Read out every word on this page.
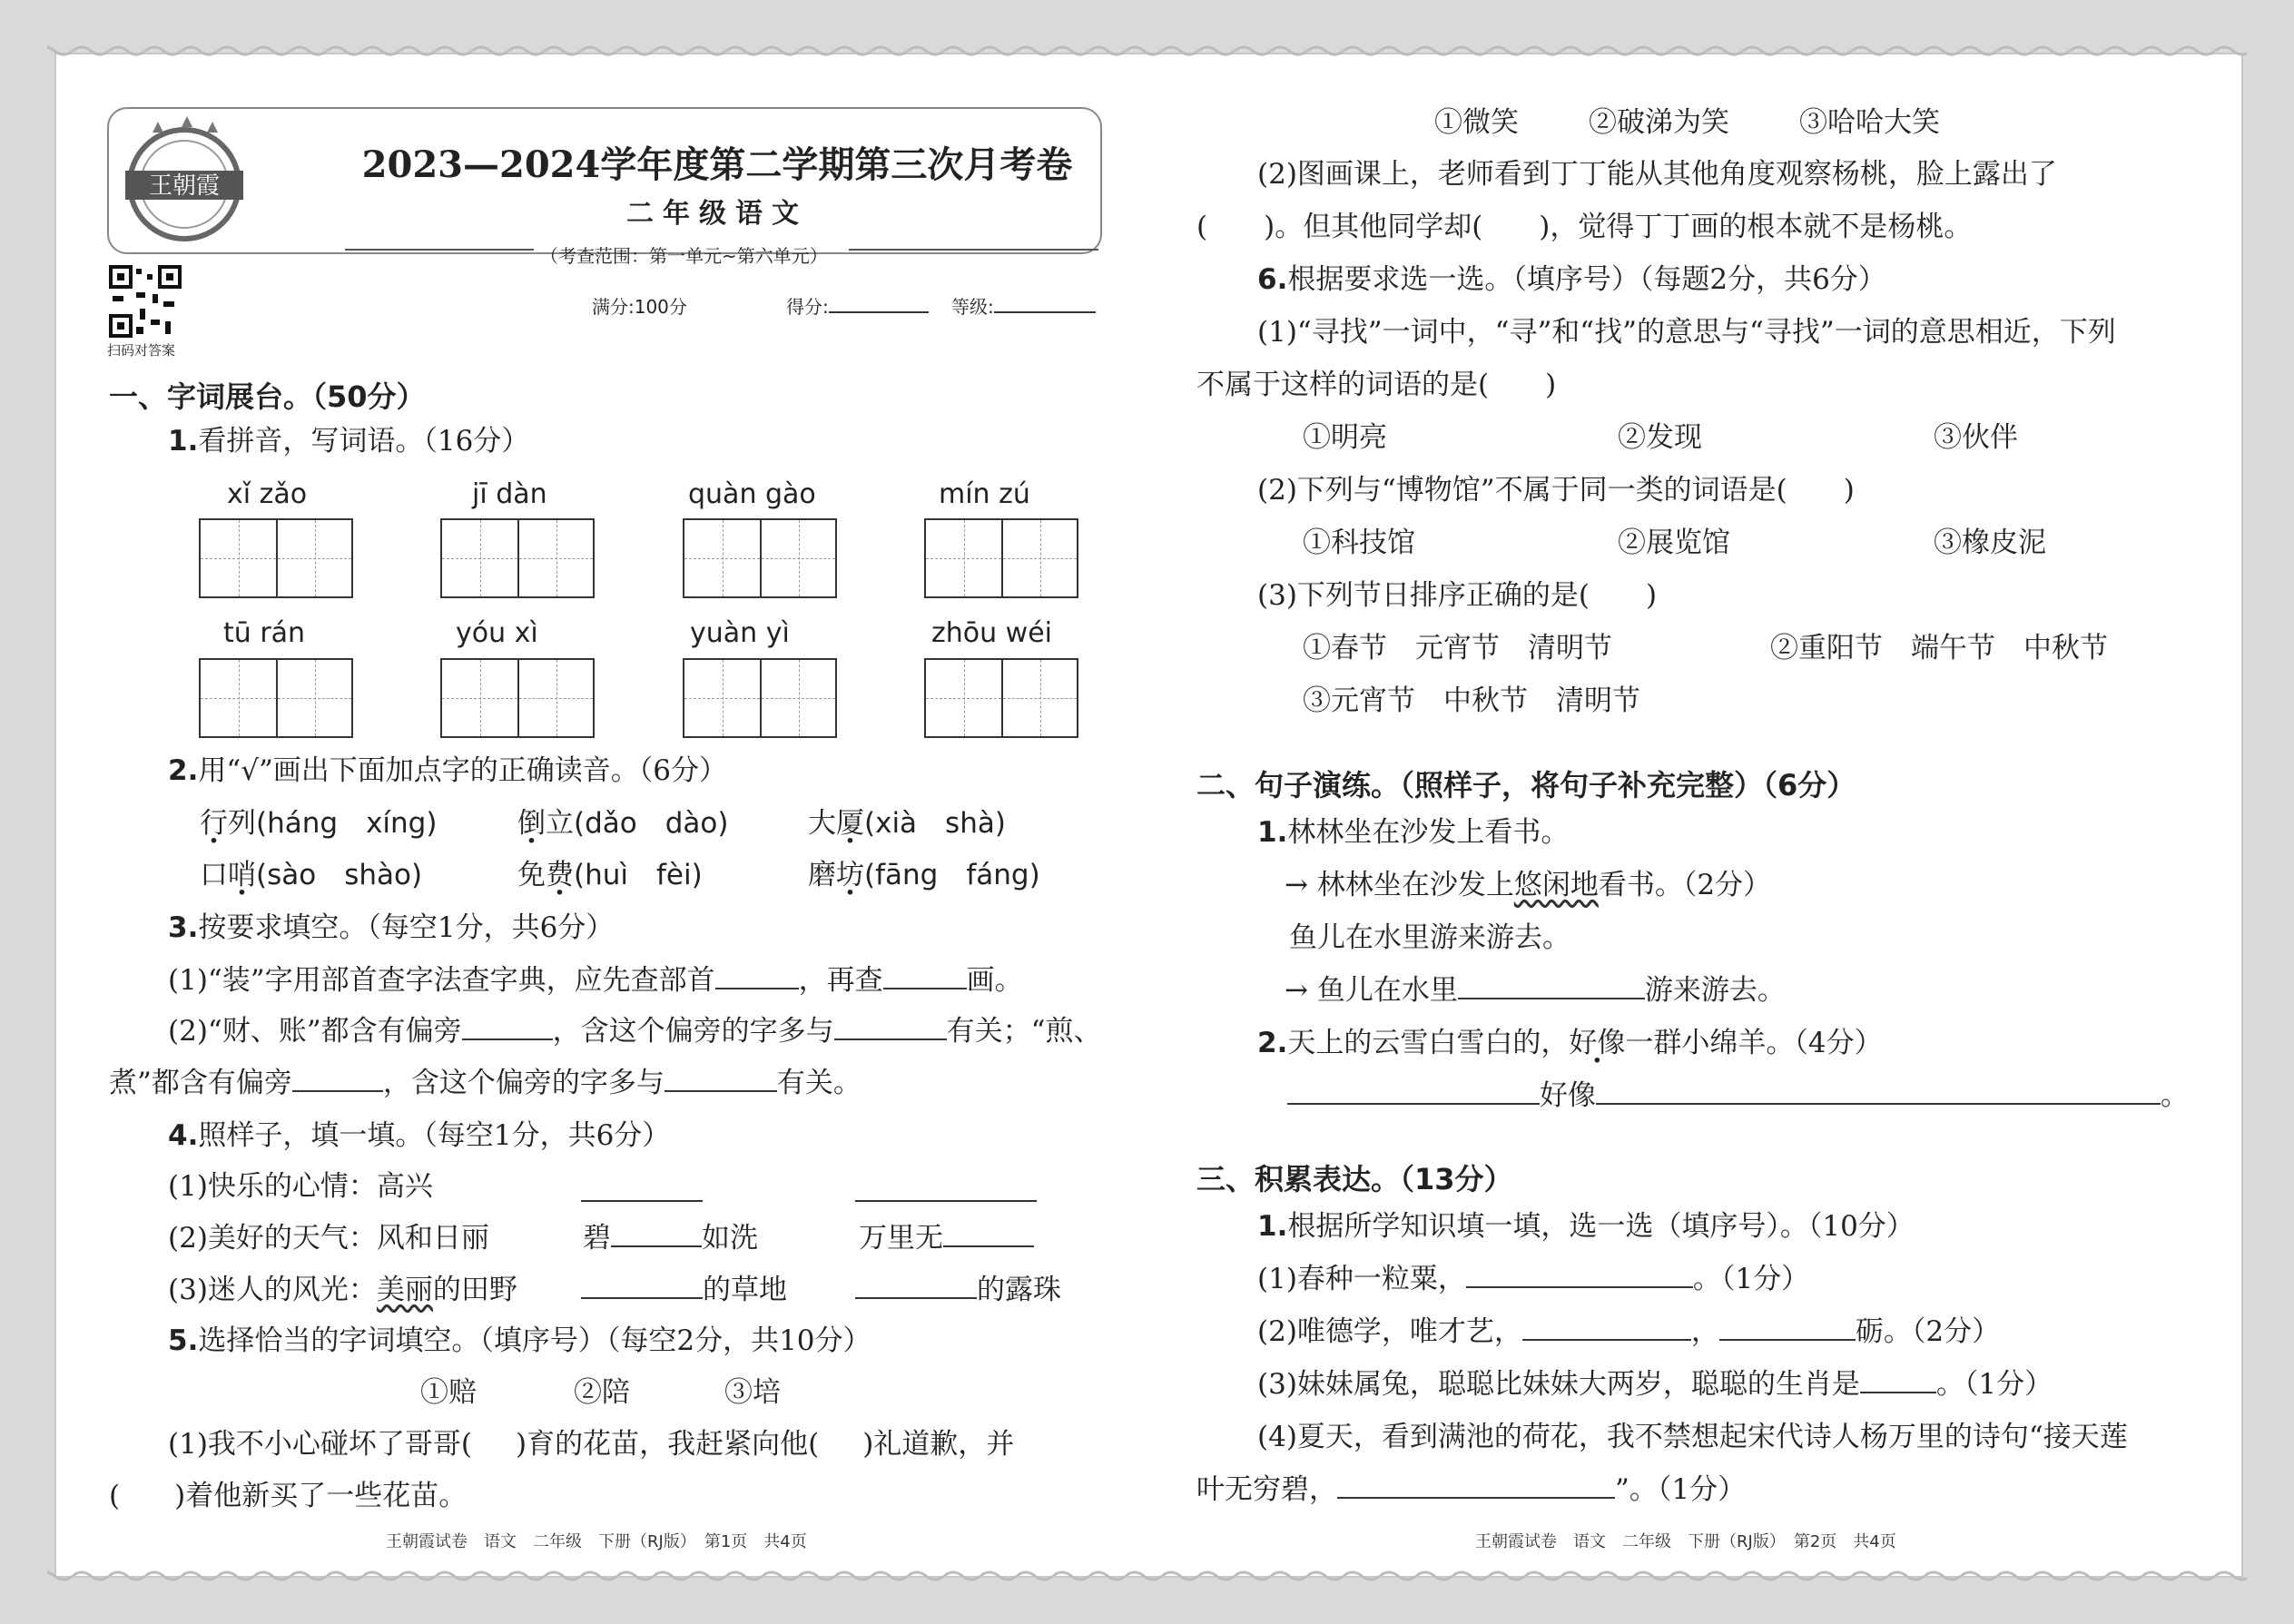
王朝霞	2023—2024学年度第二学期第三次月考卷
二年级语文
（考查范围：第一单元~第六单元）
扫码对答案
满分:100分	得分:	等级:
一、字词展台。（50分）
1.看拼音，写词语。（16分）
xǐ zǎo	jī dàn	quàn gào	mín zú
tū rán	yóu xì	yuàn yì	zhōu wéi
2.用“√”画出下面加点字的正确读音。（6分）
行列(háng　xíng)	倒立(dǎo　dào)	大厦(xià　shà)
口哨(sào　shào)	免费(huì　fèi)	磨坊(fāng　fáng)
3.按要求填空。（每空1分，共6分）
(1)“装”字用部首查字法查字典，应先查部首	，再查	画。
(2)“财、账”都含有偏旁	，含这个偏旁的字多与	有关；“煎、
煮”都含有偏旁	，含这个偏旁的字多与	有关。
4.照样子，填一填。（每空1分，共6分）
(1)快乐的心情：高兴
(2)美好的天气：风和日丽	碧	如洗	万里无
(3)迷人的风光：美丽的田野	的草地	的露珠
5.选择恰当的字词填空。（填序号）（每空2分，共10分）
①赔	②陪	③培
(1)我不小心碰坏了哥哥( )育的花苗，我赶紧向他( )礼道歉，并
( )着他新买了一些花苗。
王朝霞试卷　语文　二年级　下册（RJ版）　第1页　共4页
①微笑 ②破涕为笑 ③哈哈大笑
(2)图画课上，老师看到丁丁能从其他角度观察杨桃，脸上露出了
(　　)。但其他同学却(　　)，觉得丁丁画的根本就不是杨桃。
6.根据要求选一选。（填序号）（每题2分，共6分）
(1)“寻找”一词中，“寻”和“找”的意思与“寻找”一词的意思相近，下列
不属于这样的词语的是(　　)
①明亮	②发现	③伙伴
(2)下列与“博物馆”不属于同一类的词语是(　　)
①科技馆	②展览馆	③橡皮泥
(3)下列节日排序正确的是(　　)
①春节　元宵节　清明节	②重阳节　端午节　中秋节
③元宵节　中秋节　清明节
二、句子演练。（照样子，将句子补充完整）（6分）
1.林林坐在沙发上看书。
→ 林林坐在沙发上悠闲地看书。（2分）
鱼儿在水里游来游去。
→ 鱼儿在水里	游来游去。
2.天上的云雪白雪白的，好像一群小绵羊。（4分）
好像	。
三、积累表达。（13分）
1.根据所学知识填一填，选一选（填序号）。（10分）
(1)春种一粒粟，	。（1分）
(2)唯德学，唯才艺，	，	砺。（2分）
(3)妹妹属兔，聪聪比妹妹大两岁，聪聪的生肖是	。（1分）
(4)夏天，看到满池的荷花，我不禁想起宋代诗人杨万里的诗句“接天莲
叶无穷碧，	”。（1分）
王朝霞试卷　语文　二年级　下册（RJ版）　第2页　共4页
